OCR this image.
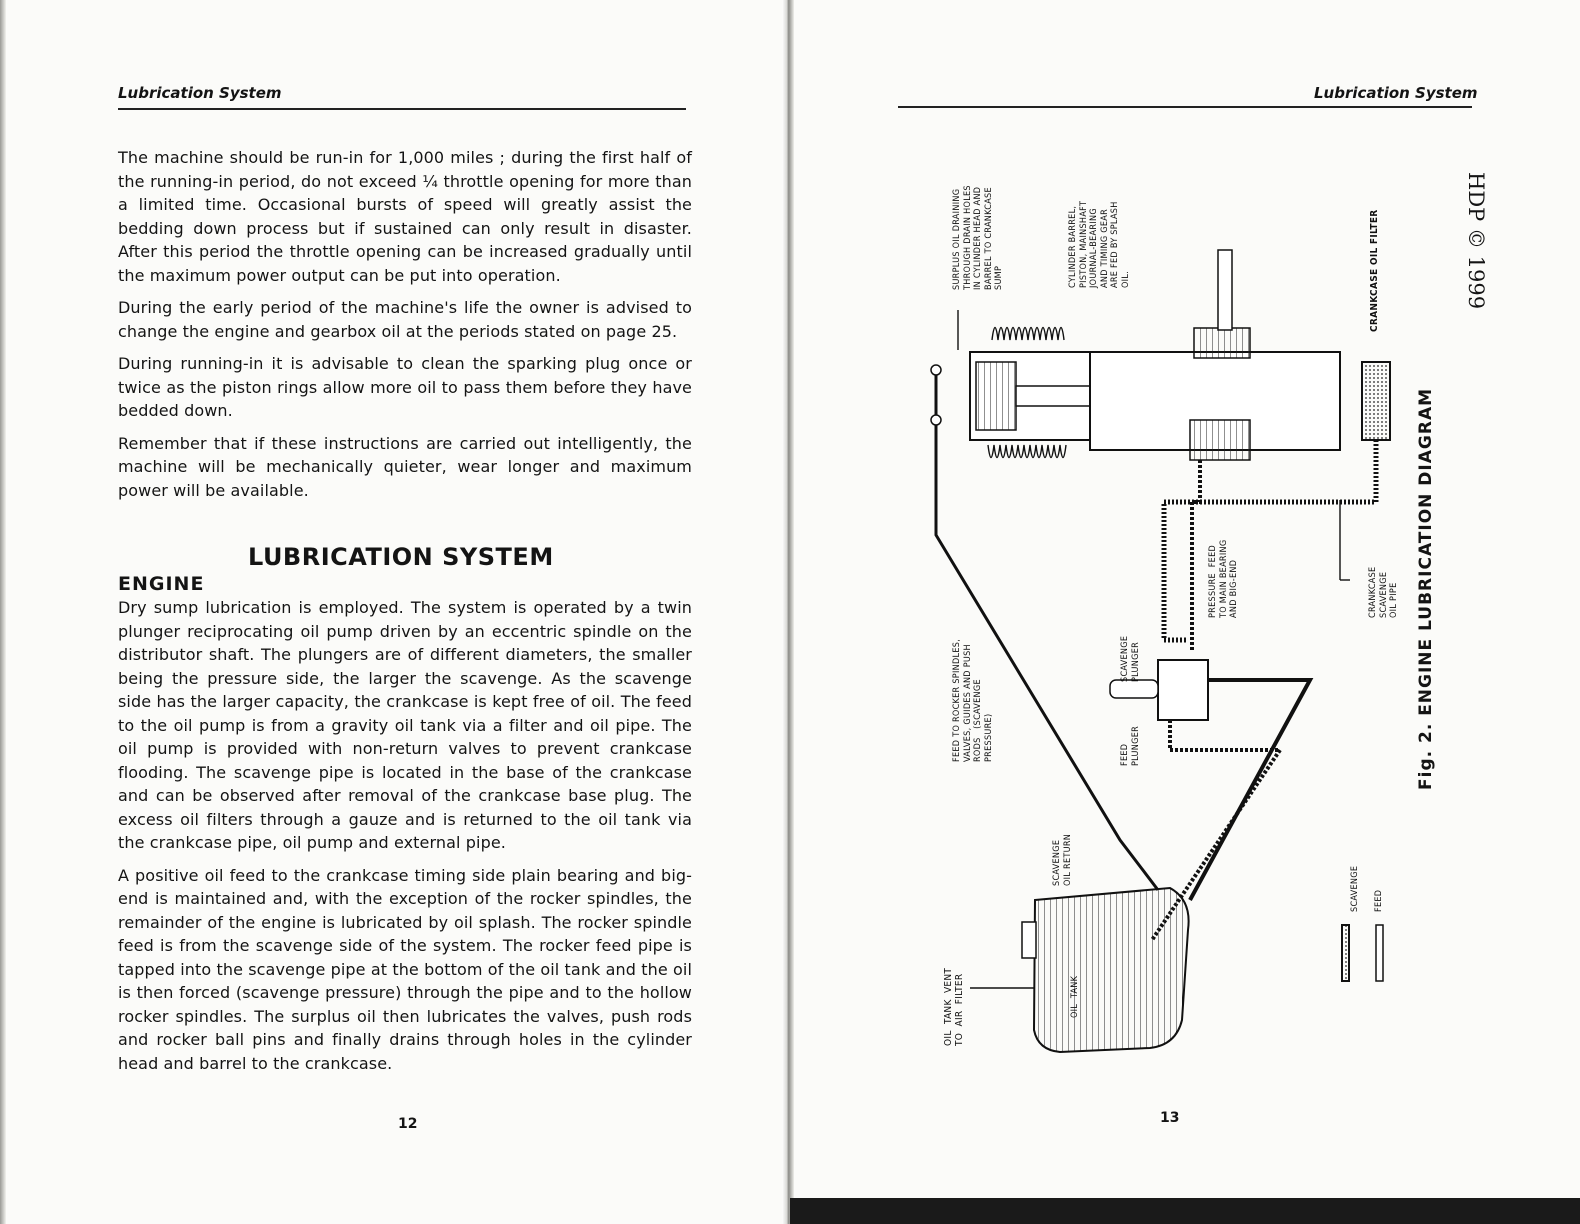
Lubrication System

The machine should be run-in for 1,000 miles ; during the first half of the running-in period, do not exceed ¼ throttle opening for more than a limited time. Occasional bursts of speed will greatly assist the bedding down process but if sustained can only result in disaster. After this period the throttle opening can be increased gradually until the maximum power output can be put into operation.

During the early period of the machine's life the owner is advised to change the engine and gearbox oil at the periods stated on page 25.

During running-in it is advisable to clean the sparking plug once or twice as the piston rings allow more oil to pass them before they have bedded down.

Remember that if these instructions are carried out intelligently, the machine will be mechanically quieter, wear longer and maximum power will be available.

LUBRICATION SYSTEM
ENGINE

Dry sump lubrication is employed. The system is operated by a twin plunger reciprocating oil pump driven by an eccentric spindle on the distributor shaft. The plungers are of different diameters, the smaller being the pressure side, the larger the scavenge. As the scavenge side has the larger capacity, the crankcase is kept free of oil. The feed to the oil pump is from a gravity oil tank via a filter and oil pipe. The oil pump is provided with non-return valves to prevent crankcase flooding. The scavenge pipe is located in the base of the crankcase and can be observed after removal of the crankcase base plug. The excess oil filters through a gauze and is returned to the oil tank via the crankcase pipe, oil pump and external pipe.

A positive oil feed to the crankcase timing side plain bearing and big-end is maintained and, with the exception of the rocker spindles, the remainder of the engine is lubricated by oil splash. The rocker spindle feed is from the scavenge side of the system. The rocker feed pipe is tapped into the scavenge pipe at the bottom of the oil tank and the oil is then forced (scavenge pressure) through the pipe and to the hollow rocker spindles. The surplus oil then lubricates the valves, push rods and rocker ball pins and finally drains through holes in the cylinder head and barrel to the crankcase.

12
Lubrication System
13
HDP © 1999
SURPLUS OIL DRAINING
THROUGH DRAIN HOLES
IN CYLINDER HEAD AND
BARREL TO CRANKCASE
SUMP	CYLINDER BARREL,
PISTON, MAINSHAFT
JOURNAL-BEARING
AND TIMING GEAR
ARE FED BY SPLASH
OIL.	CRANKCASE OIL FILTER
FEED TO ROCKER SPINDLES,
VALVES, GUIDES AND PUSH
RODS   (SCAVENGE
PRESSURE)
SCAVENGE
PLUNGER
FEED
PLUNGER
PRESSURE  FEED
TO MAIN BEARING
AND BIG-END	CRANKCASE
SCAVENGE
OIL PIPE
SCAVENGE
OIL RETURN
OIL  TANK  VENT
TO  AIR  FILTER	OIL  TANK
SCAVENGE FEED
Fig. 2. ENGINE LUBRICATION DIAGRAM
